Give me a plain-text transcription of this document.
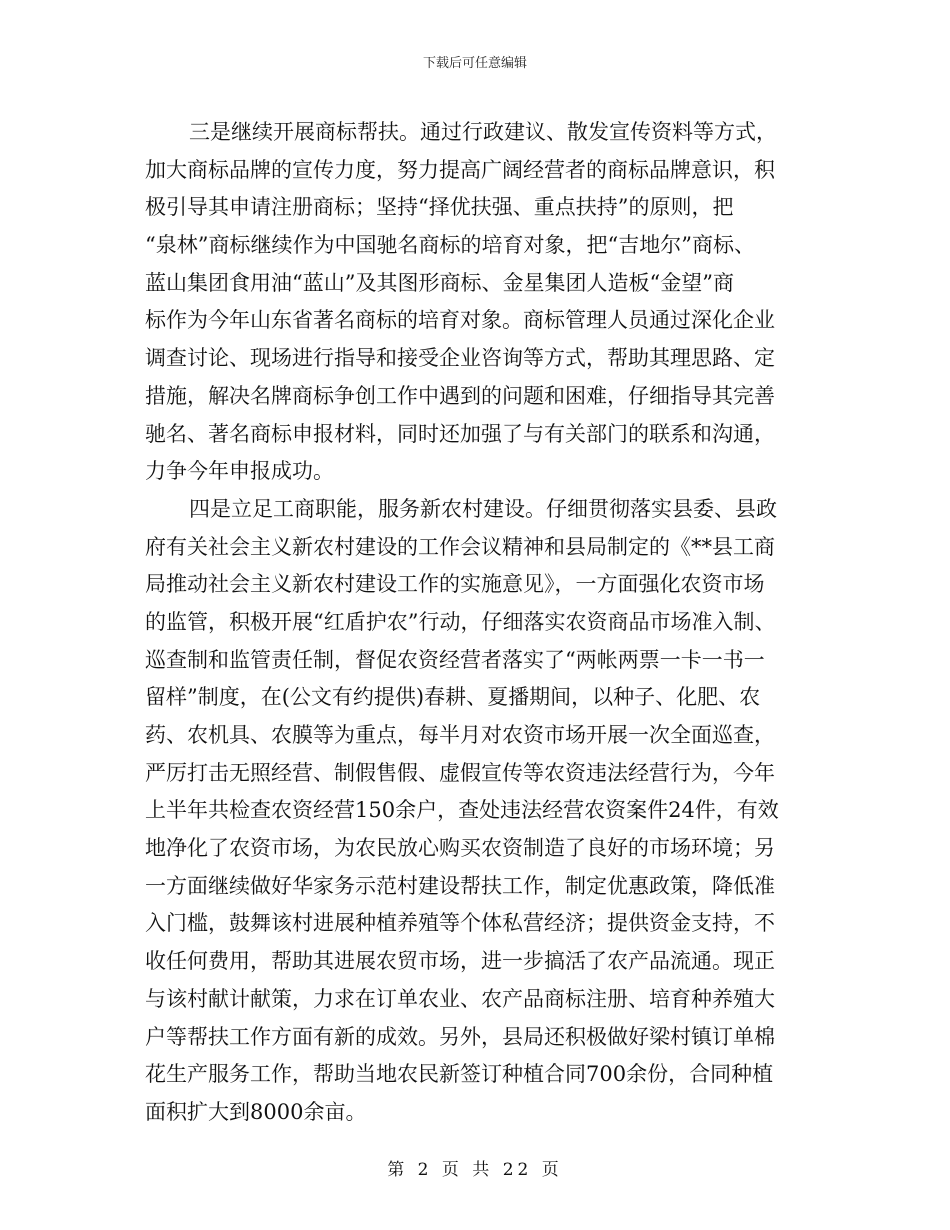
下载后可任意编辑
三是继续开展商标帮扶。通过行政建议、散发宣传资料等方式，
加大商标品牌的宣传力度，努力提高广阔经营者的商标品牌意识，积
极引导其申请注册商标；坚持“择优扶强、重点扶持”的原则，把
“泉林”商标继续作为中国驰名商标的培育对象，把“吉地尔”商标、
蓝山集团食用油“蓝山”及其图形商标、金星集团人造板“金望”商
标作为今年山东省著名商标的培育对象。商标管理人员通过深化企业
调查讨论、现场进行指导和接受企业咨询等方式，帮助其理思路、定
措施，解决名牌商标争创工作中遇到的问题和困难，仔细指导其完善
驰名、著名商标申报材料，同时还加强了与有关部门的联系和沟通，
力争今年申报成功。
四是立足工商职能，服务新农村建设。仔细贯彻落实县委、县政
府有关社会主义新农村建设的工作会议精神和县局制定的《**县工商
局推动社会主义新农村建设工作的实施意见》，一方面强化农资市场
的监管，积极开展“红盾护农”行动，仔细落实农资商品市场准入制、
巡查制和监管责任制，督促农资经营者落实了“两帐两票一卡一书一
留样”制度，在(公文有约提供)春耕、夏播期间，以种子、化肥、农
药、农机具、农膜等为重点，每半月对农资市场开展一次全面巡查，
严厉打击无照经营、制假售假、虚假宣传等农资违法经营行为，今年
上半年共检查农资经营150余户，查处违法经营农资案件24件，有效
地净化了农资市场，为农民放心购买农资制造了良好的市场环境；另
一方面继续做好华家务示范村建设帮扶工作，制定优惠政策，降低准
入门槛，鼓舞该村进展种植养殖等个体私营经济；提供资金支持，不
收任何费用，帮助其进展农贸市场，进一步搞活了农产品流通。现正
与该村献计献策，力求在订单农业、农产品商标注册、培育种养殖大
户等帮扶工作方面有新的成效。另外，县局还积极做好梁村镇订单棉
花生产服务工作，帮助当地农民新签订种植合同700余份，合同种植
面积扩大到8000余亩。
第 2 页 共 22 页
